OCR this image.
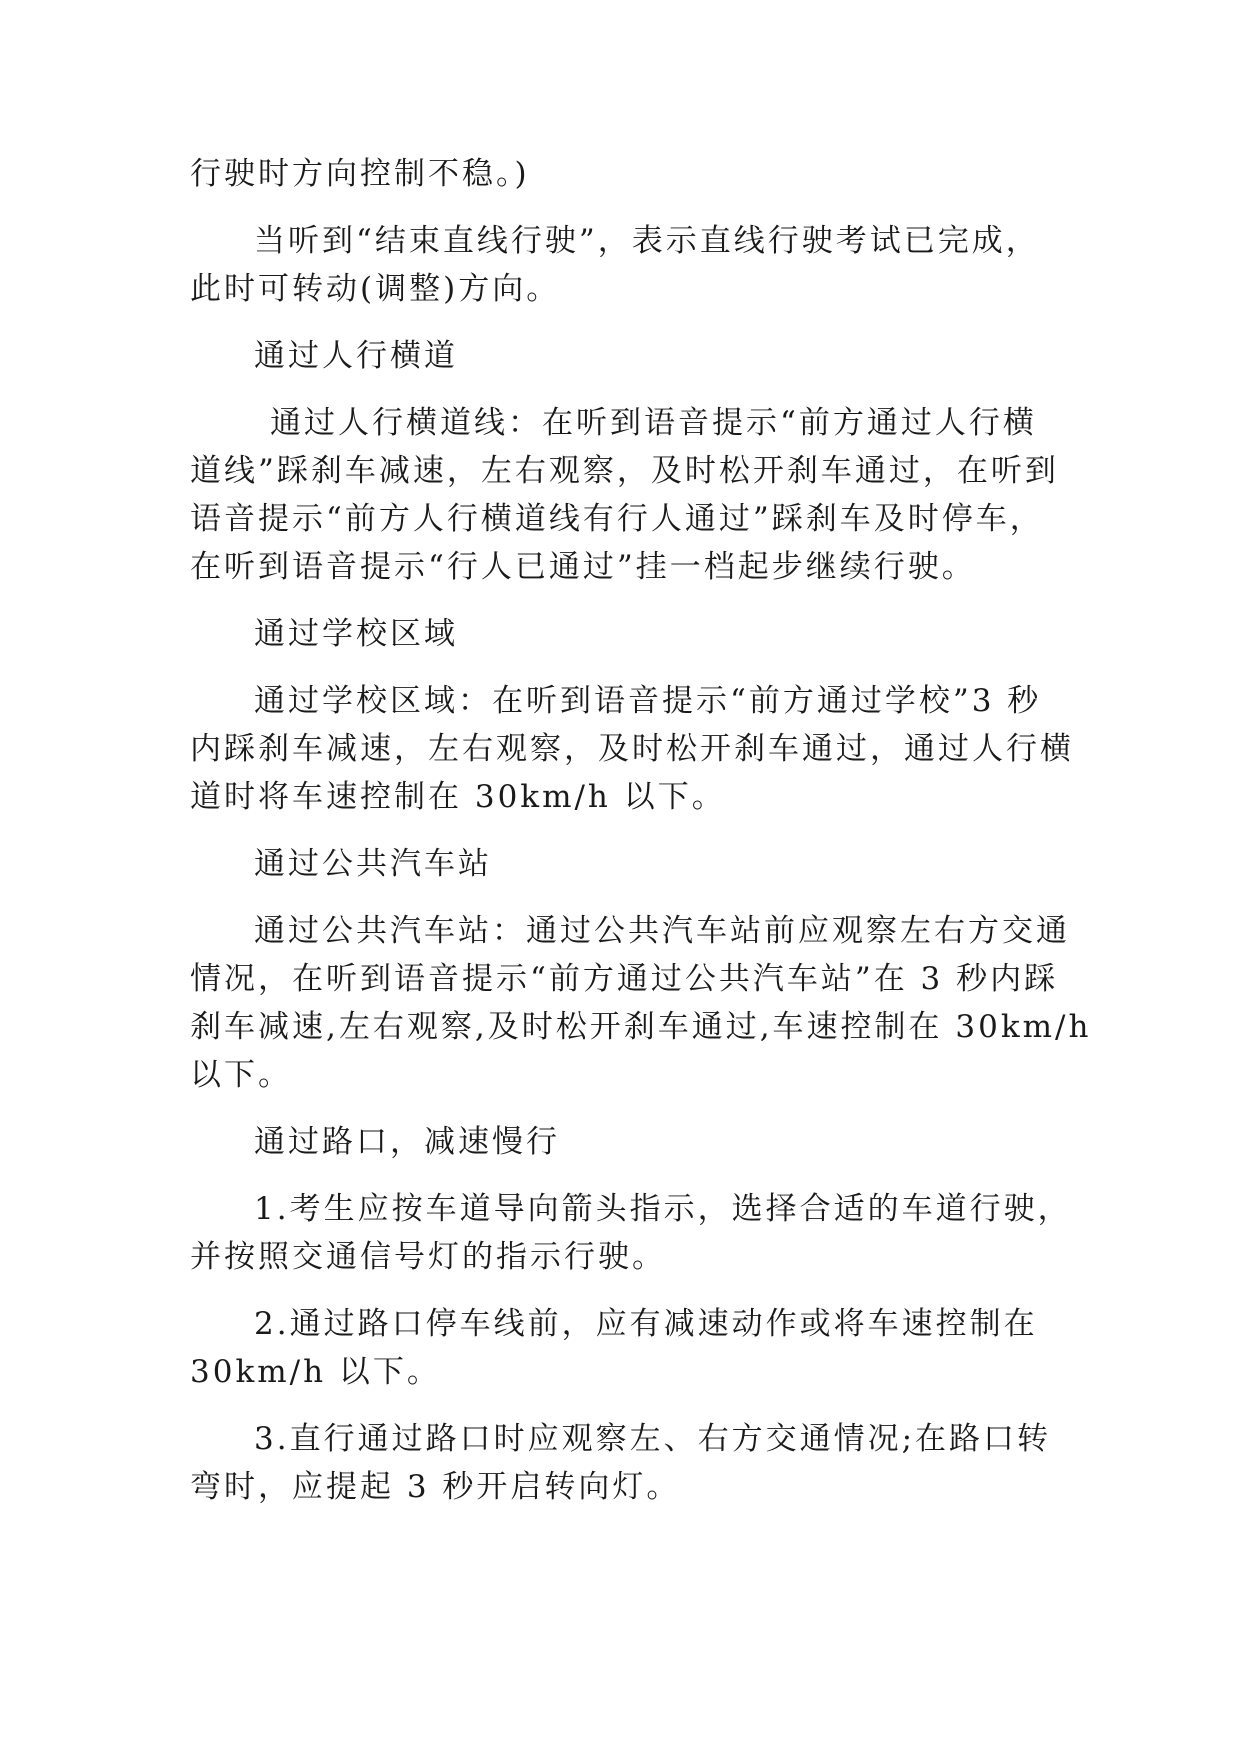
行驶时方向控制不稳。)

当听到“结束直线行驶”，表示直线行驶考试已完成，
此时可转动(调整)方向。

通过人行横道

通过人行横道线：在听到语音提示“前方通过人行横
道线”踩刹车减速，左右观察，及时松开刹车通过，在听到
语音提示“前方人行横道线有行人通过”踩刹车及时停车，
在听到语音提示“行人已通过”挂一档起步继续行驶。

通过学校区域

通过学校区域：在听到语音提示“前方通过学校”3 秒
内踩刹车减速，左右观察，及时松开刹车通过，通过人行横
道时将车速控制在 30km/h 以下。

通过公共汽车站

通过公共汽车站：通过公共汽车站前应观察左右方交通
情况，在听到语音提示“前方通过公共汽车站”在 3 秒内踩
刹车减速,左右观察,及时松开刹车通过,车速控制在 30km/h
以下。

通过路口，减速慢行

1.考生应按车道导向箭头指示，选择合适的车道行驶，
并按照交通信号灯的指示行驶。

2.通过路口停车线前，应有减速动作或将车速控制在
30km/h 以下。

3.直行通过路口时应观察左、右方交通情况;在路口转
弯时，应提起 3 秒开启转向灯。
